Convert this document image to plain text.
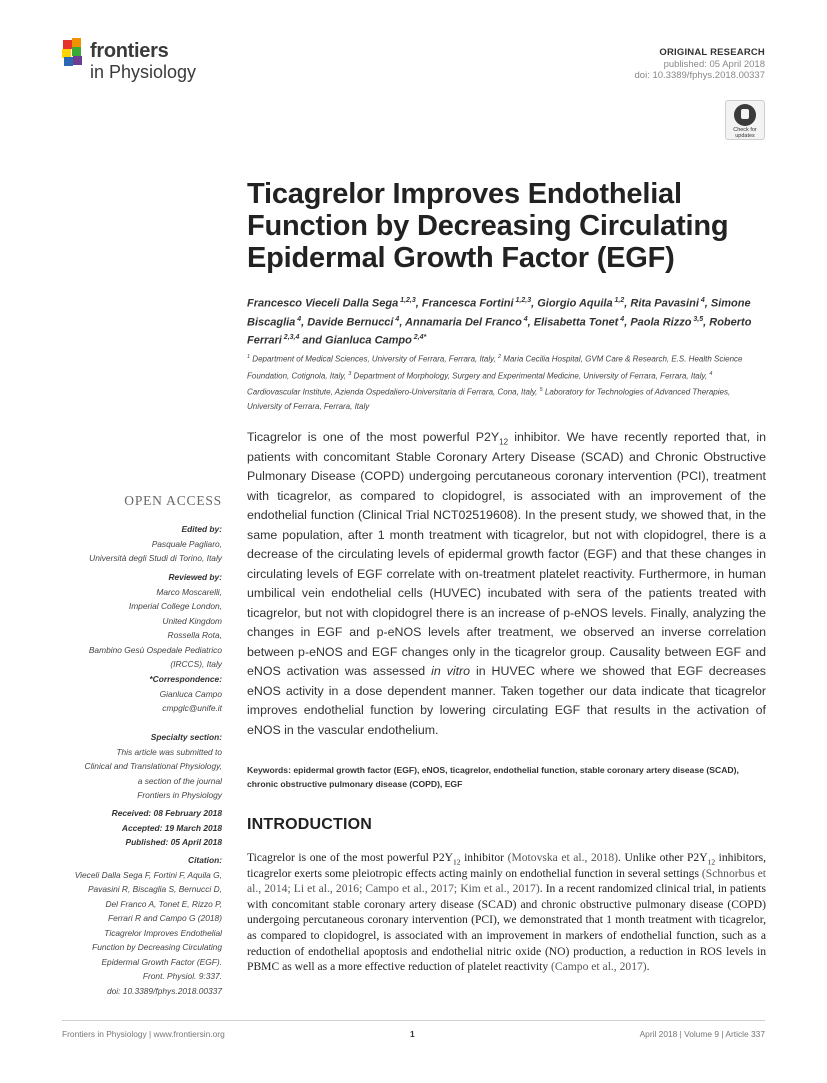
frontiers
in Physiology
ORIGINAL RESEARCH
published: 05 April 2018
doi: 10.3389/fphys.2018.00337
Check for updates
Ticagrelor Improves Endothelial Function by Decreasing Circulating Epidermal Growth Factor (EGF)
Francesco Vieceli Dalla Sega $^{1,2,3}$, Francesca Fortini $^{1,2,3}$, Giorgio Aquila $^{1,2}$, Rita Pavasini $^4$, Simone Biscaglia $^4$, Davide Bernucci $^4$, Annamaria Del Franco $^4$, Elisabetta Tonet $^4$, Paola Rizzo $^{3,5}$, Roberto Ferrari $^{2,3,4}$ and Gianluca Campo $^{2,4*}$
$^1$ Department of Medical Sciences, University of Ferrara, Ferrara, Italy, $^2$ Maria Cecilia Hospital, GVM Care & Research, E.S. Health Science Foundation, Cotignola, Italy, $^3$ Department of Morphology, Surgery and Experimental Medicine, University of Ferrara, Ferrara, Italy, $^4$ Cardiovascular Institute, Azienda Ospedaliero-Universitaria di Ferrara, Cona, Italy, $^5$ Laboratory for Technologies of Advanced Therapies, University of Ferrara, Ferrara, Italy
Ticagrelor is one of the most powerful $P2Y_{12}$ inhibitor. We have recently reported that, in patients with concomitant Stable Coronary Artery Disease (SCAD) and Chronic Obstructive Pulmonary Disease (COPD) undergoing percutaneous coronary intervention (PCI), treatment with ticagrelor, as compared to clopidogrel, is associated with an improvement of the endothelial function (Clinical Trial NCT02519608). In the present study, we showed that, in the same population, after 1 month treatment with ticagrelor, but not with clopidogrel, there is a decrease of the circulating levels of epidermal growth factor (EGF) and that these changes in circulating levels of EGF correlate with on-treatment platelet reactivity. Furthermore, in human umbilical vein endothelial cells (HUVEC) incubated with sera of the patients treated with ticagrelor, but not with clopidogrel there is an increase of p-eNOS levels. Finally, analyzing the changes in EGF and p-eNOS levels after treatment, we observed an inverse correlation between p-eNOS and EGF changes only in the ticagrelor group. Causality between EGF and eNOS activation was assessed in vitro in HUVEC where we showed that EGF decreases eNOS activity in a dose dependent manner. Taken together our data indicate that ticagrelor improves endothelial function by lowering circulating EGF that results in the activation of eNOS in the vascular endothelium.
Keywords: epidermal growth factor (EGF), eNOS, ticagrelor, endothelial function, stable coronary artery disease (SCAD), chronic obstructive pulmonary disease (COPD), EGF
INTRODUCTION
Ticagrelor is one of the most powerful $P2Y_{12}$ inhibitor (Motovska et al., 2018). Unlike other $P2Y_{12}$ inhibitors, ticagrelor exerts some pleiotropic effects acting mainly on endothelial function in several settings (Schnorbus et al., 2014; Li et al., 2016; Campo et al., 2017; Kim et al., 2017). In a recent randomized clinical trial, in patients with concomitant stable coronary artery disease (SCAD) and chronic obstructive pulmonary disease (COPD) undergoing percutaneous coronary intervention (PCI), we demonstrated that 1 month treatment with ticagrelor, as compared to clopidogrel, is associated with an improvement in markers of endothelial function, such as a reduction of endothelial apoptosis and endothelial nitric oxide (NO) production, a reduction in ROS levels in PBMC as well as a more effective reduction of platelet reactivity (Campo et al., 2017).
OPEN ACCESS
Edited by:
Pasquale Pagliaro,
Università degli Studi di Torino, Italy
Reviewed by:
Marco Moscarelli,
Imperial College London,
United Kingdom
Rossella Rota,
Bambino Gesù Ospedale Pediatrico
(IRCCS), Italy
*Correspondence:
Gianluca Campo
cmpglc@unife.it
Specialty section:
This article was submitted to
Clinical and Translational Physiology,
a section of the journal
Frontiers in Physiology
Received: 08 February 2018
Accepted: 19 March 2018
Published: 05 April 2018
Citation:
Vieceli Dalla Sega F, Fortini F, Aquila G,
Pavasini R, Biscaglia S, Bernucci D,
Del Franco A, Tonet E, Rizzo P,
Ferrari R and Campo G (2018)
Ticagrelor Improves Endothelial
Function by Decreasing Circulating
Epidermal Growth Factor (EGF).
Front. Physiol. 9:337.
doi: 10.3389/fphys.2018.00337
Frontiers in Physiology | www.frontiersin.org	1	April 2018 | Volume 9 | Article 337
